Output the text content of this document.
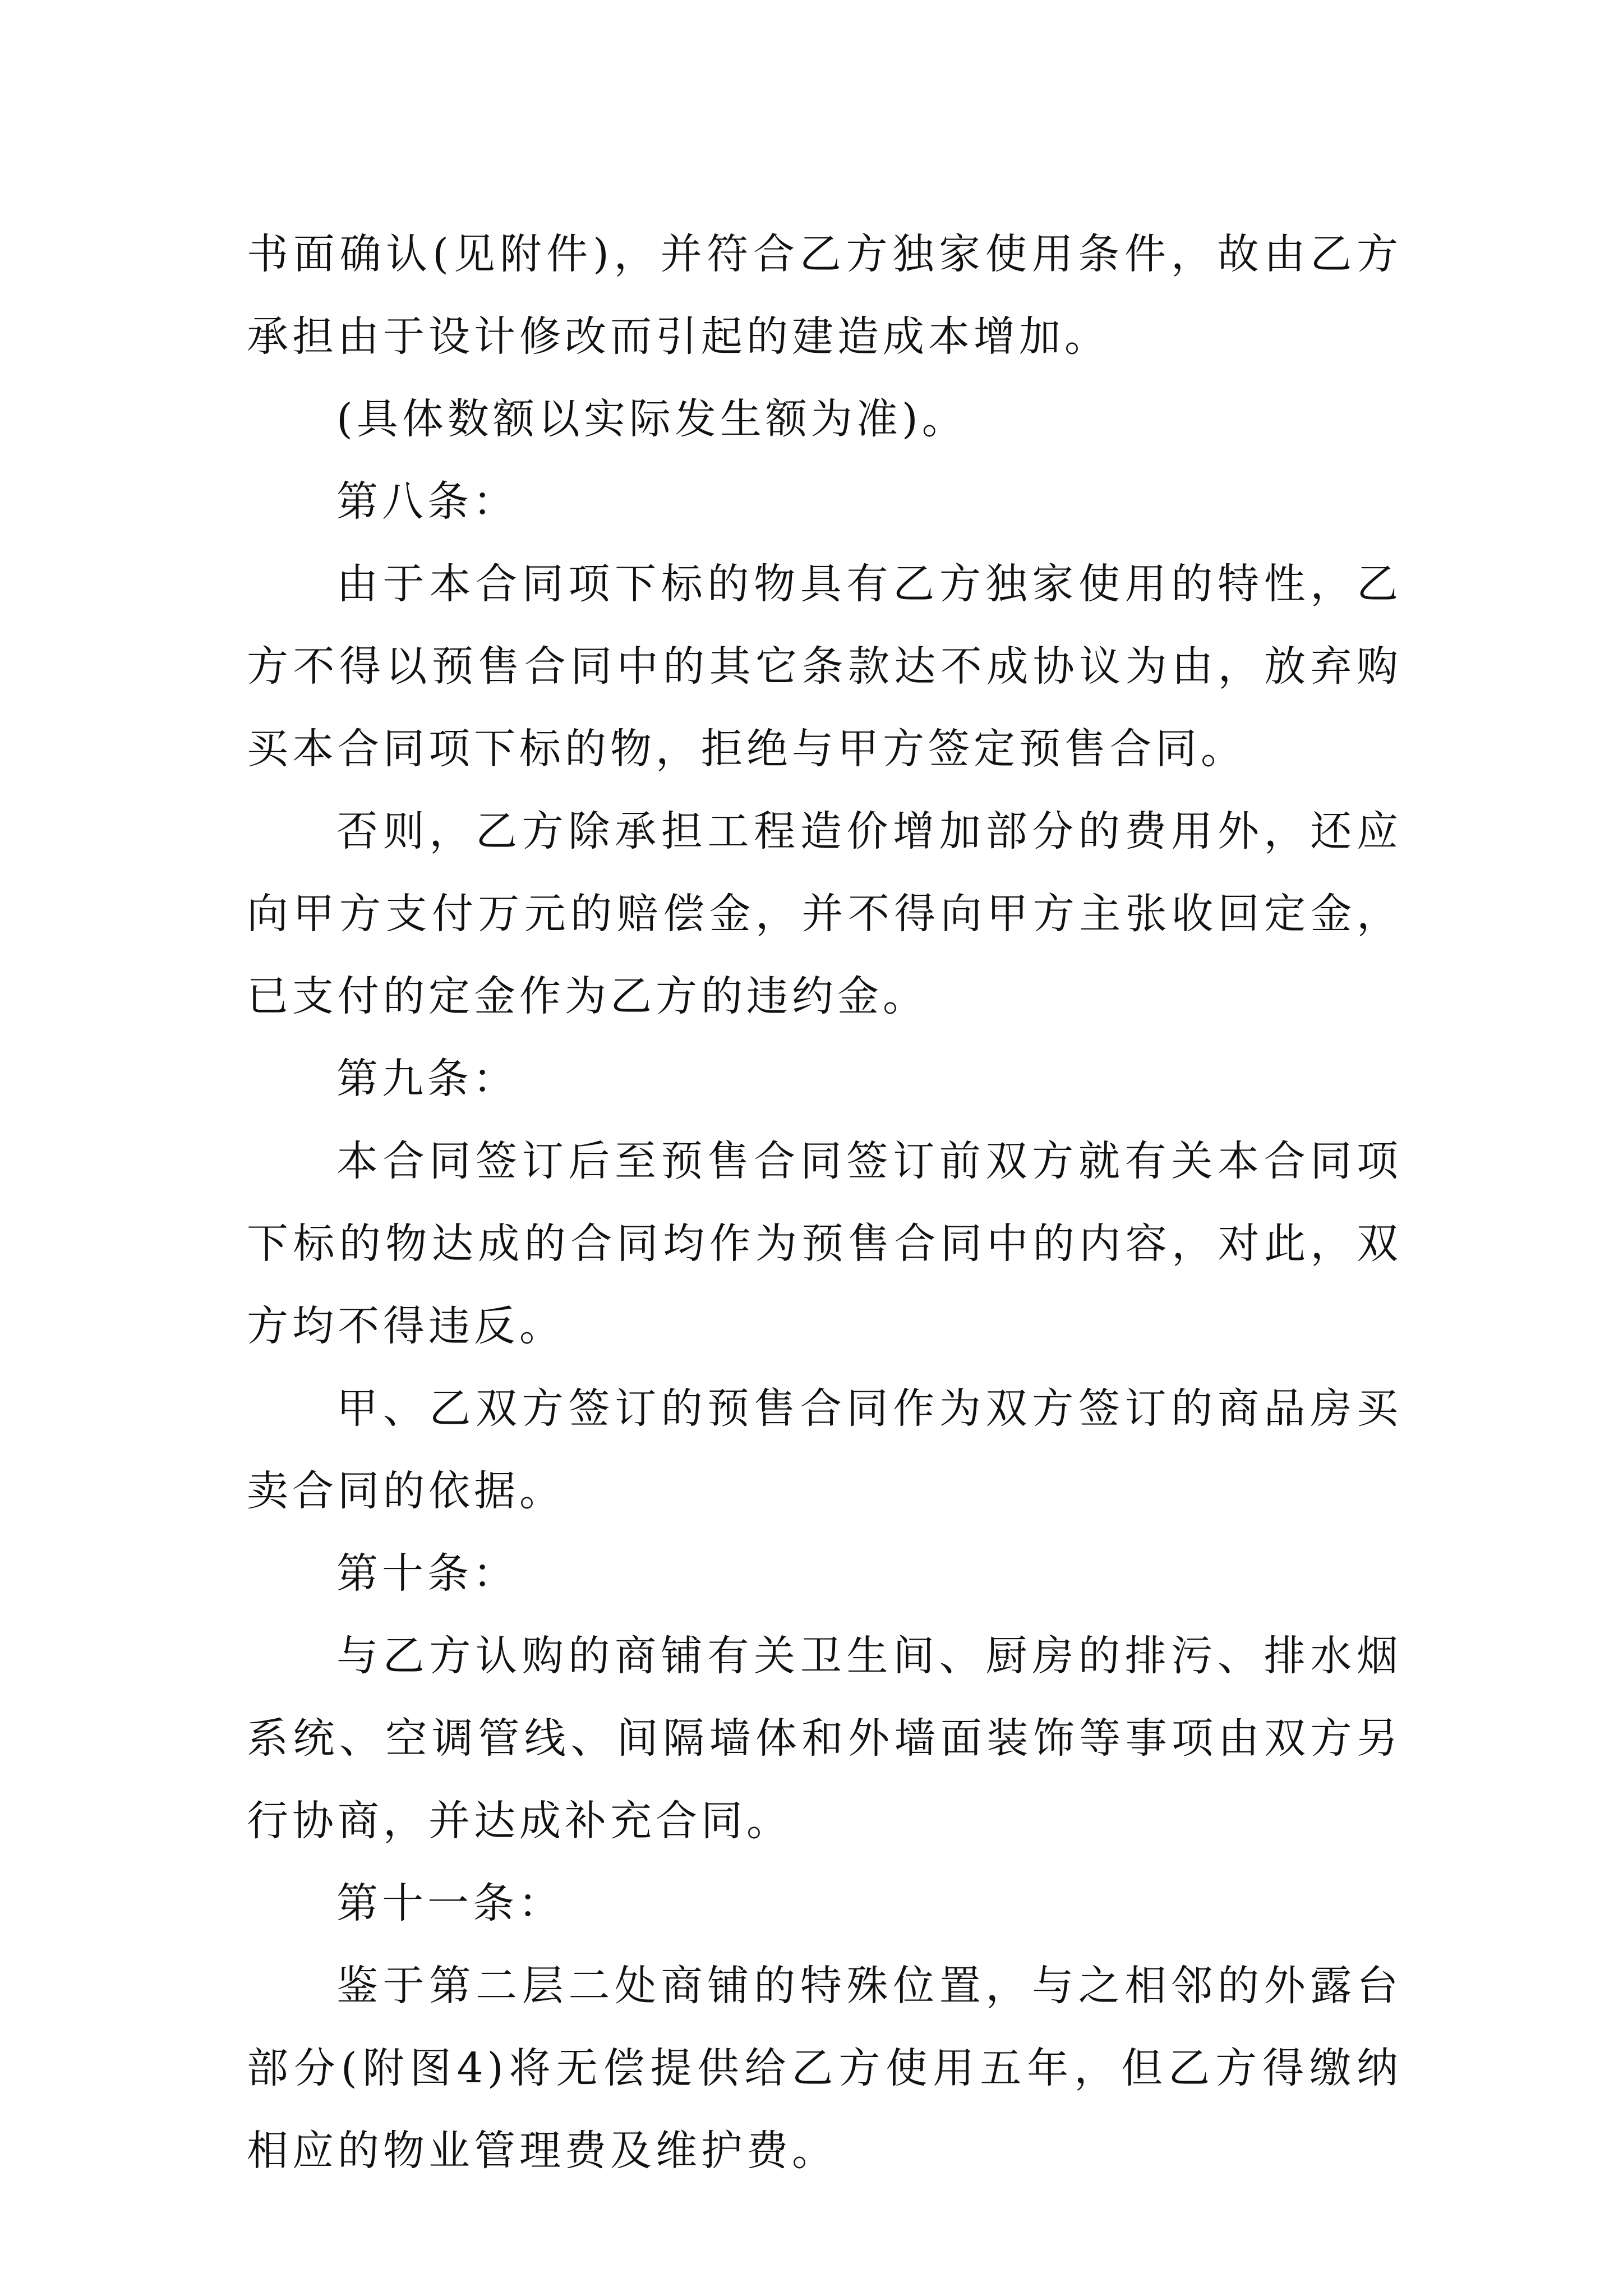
书面确认(见附件)，并符合乙方独家使用条件，故由乙方承担由于设计修改而引起的建造成本增加。

(具体数额以实际发生额为准)。

第八条：

由于本合同项下标的物具有乙方独家使用的特性，乙方不得以预售合同中的其它条款达不成协议为由，放弃购买本合同项下标的物，拒绝与甲方签定预售合同。

否则，乙方除承担工程造价增加部分的费用外，还应向甲方支付万元的赔偿金，并不得向甲方主张收回定金，已支付的定金作为乙方的违约金。

第九条：

本合同签订后至预售合同签订前双方就有关本合同项下标的物达成的合同均作为预售合同中的内容，对此，双方均不得违反。

甲、乙双方签订的预售合同作为双方签订的商品房买卖合同的依据。

第十条：

与乙方认购的商铺有关卫生间、厨房的排污、排水烟系统、空调管线、间隔墙体和外墙面装饰等事项由双方另行协商，并达成补充合同。

第十一条：

鉴于第二层二处商铺的特殊位置，与之相邻的外露台部分(附图4)将无偿提供给乙方使用五年，但乙方得缴纳相应的物业管理费及维护费。
